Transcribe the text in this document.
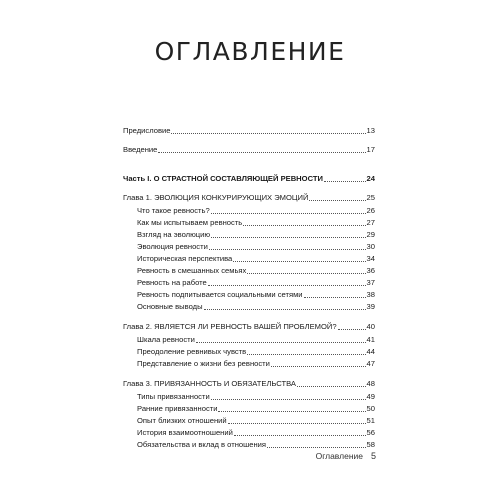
ОГЛАВЛЕНИЕ
Предисловие	13
Введение	17
Часть I. О СТРАСТНОЙ СОСТАВЛЯЮЩЕЙ РЕВНОСТИ	24
Глава 1. ЭВОЛЮЦИЯ КОНКУРИРУЮЩИХ ЭМОЦИЙ	25
Что такое ревность?	26
Как мы испытываем ревность	27
Взгляд на эволюцию	29
Эволюция ревности	30
Историческая перспектива	34
Ревность в смешанных семьях	36
Ревность на работе	37
Ревность подпитывается социальными сетями	38
Основные выводы	39
Глава 2. ЯВЛЯЕТСЯ ЛИ РЕВНОСТЬ ВАШЕЙ ПРОБЛЕМОЙ?	40
Шкала ревности	41
Преодоление ревнивых чувств	44
Представление о жизни без ревности	47
Глава 3. ПРИВЯЗАННОСТЬ И ОБЯЗАТЕЛЬСТВА	48
Типы привязанности	49
Ранние привязанности	50
Опыт близких отношений	51
История взаимоотношений	56
Обязательства и вклад в отношения	58
Оглавление 5
